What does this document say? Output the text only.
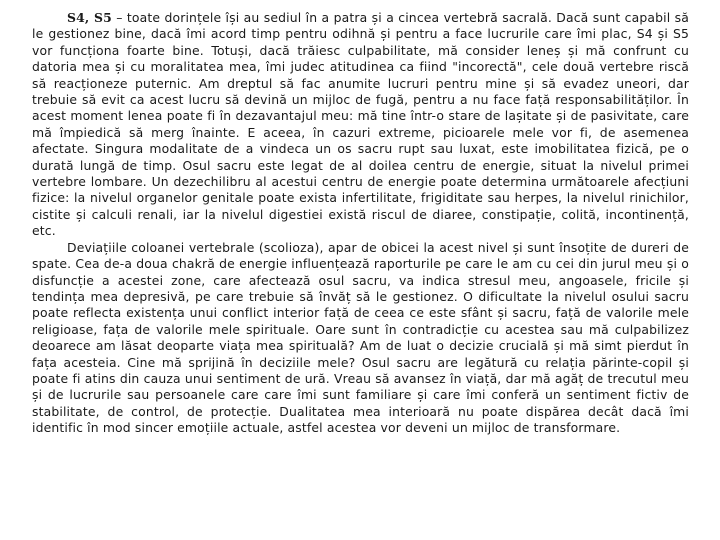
S4, S5 – toate dorințele își au sediul în a patra și a cincea vertebră sacrală. Dacă sunt capabil să le gestionez bine, dacă îmi acord timp pentru odihnă și pentru a face lucrurile care îmi plac, S4 și S5 vor funcționa foarte bine. Totuși, dacă trăiesc culpabilitate, mă consider leneș și mă confrunt cu datoria mea și cu moralitatea mea, îmi judec atitudinea ca fiind "incorectă", cele două vertebre riscă să reacționeze puternic. Am dreptul să fac anumite lucruri pentru mine și să evadez uneori, dar trebuie să evit ca acest lucru să devină un mijloc de fugă, pentru a nu face față responsabilităților. În acest moment lenea poate fi în dezavantajul meu: mă tine într-o stare de lașitate și de pasivitate, care mă împiedică să merg înainte. E aceea, în cazuri extreme, picioarele mele vor fi, de asemenea afectate. Singura modalitate de a vindeca un os sacru rupt sau luxat, este imobilitatea fizică, pe o durată lungă de timp. Osul sacru este legat de al doilea centru de energie, situat la nivelul primei vertebre lombare. Un dezechilibru al acestui centru de energie poate determina următoarele afecțiuni fizice: la nivelul organelor genitale poate exista infertilitate, frigiditate sau herpes, la nivelul rinichilor, cistite și calculi renali, iar la nivelul digestiei există riscul de diaree, constipație, colită, incontinență, etc.

Deviațiile coloanei vertebrale (scolioza), apar de obicei la acest nivel și sunt însoțite de dureri de spate. Cea de-a doua chakră de energie influențează raporturile pe care le am cu cei din jurul meu și o disfuncție a acestei zone, care afectează osul sacru, va indica stresul meu, angoasele, fricile și tendința mea depresivă, pe care trebuie să învăț să le gestionez. O dificultate la nivelul osului sacru poate reflecta existența unui conflict interior față de ceea ce este sfânt și sacru, față de valorile mele religioase, fața de valorile mele spirituale. Oare sunt în contradicție cu acestea sau mă culpabilizez deoarece am lăsat deoparte viața mea spirituală? Am de luat o decizie crucială și mă simt pierdut în fața acesteia. Cine mă sprijină în deciziile mele? Osul sacru are legătură cu relația părinte-copil și poate fi atins din cauza unui sentiment de ură. Vreau să avansez în viață, dar mă agăț de trecutul meu și de lucrurile sau persoanele care care îmi sunt familiare și care îmi conferă un sentiment fictiv de stabilitate, de control, de protecție. Dualitatea mea interioară nu poate dispărea decât dacă îmi identific în mod sincer emoțiile actuale, astfel acestea vor deveni un mijloc de transformare.
